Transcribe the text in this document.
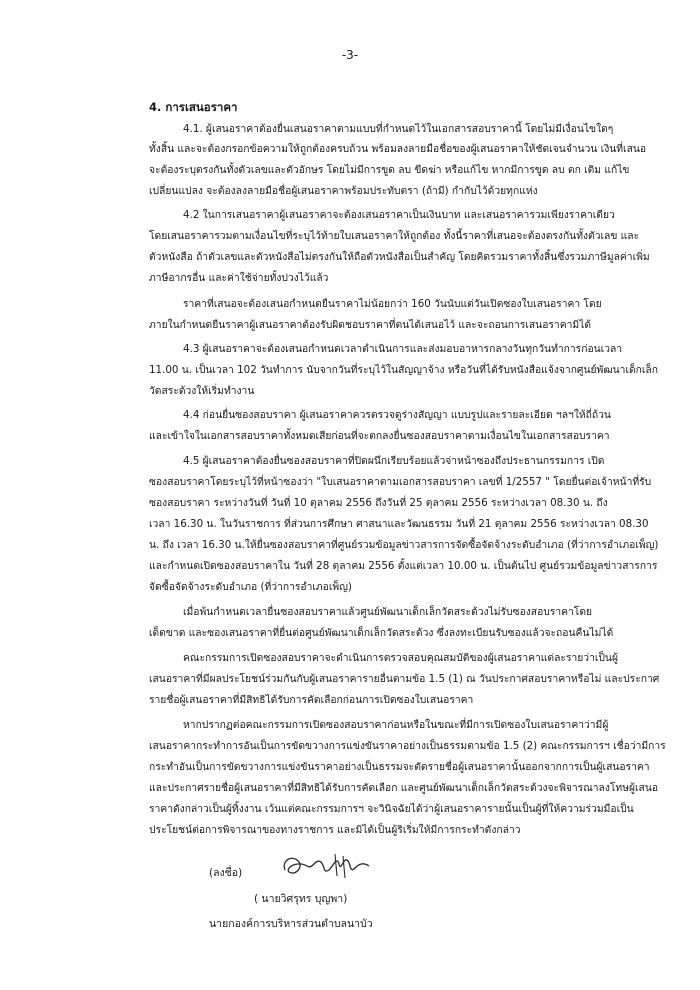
-3-
4. การเสนอราคา
4.1. ผู้เสนอราคาต้องยื่นเสนอราคาตามแบบที่กำหนดไว้ในเอกสารสอบราคานี้ โดยไม่มีเงื่อนไขใดๆ
ทั้งสิ้น และจะต้องกรอกข้อความให้ถูกต้องครบถ้วน พร้อมลงลายมือชื่อของผู้เสนอราคาให้ชัดเจนจำนวน เงินที่เสนอ
จะต้องระบุตรงกันทั้งตัวเลขและตัวอักษร โดยไม่มีการขูด ลบ ขีดฆ่า หรือแก้ไข หากมีการขูด ลบ ตก เติม แก้ไข
เปลี่ยนแปลง จะต้องลงลายมือชื่อผู้เสนอราคาพร้อมประทับตรา (ถ้ามี) กำกับไว้ด้วยทุกแห่ง
4.2 ในการเสนอราคาผู้เสนอราคาจะต้องเสนอราคาเป็นเงินบาท และเสนอราคารวมเพียงราคาเดียว
โดยเสนอราคารวมตามเงื่อนไขที่ระบุไว้ท้ายใบเสนอราคาให้ถูกต้อง ทั้งนี้ราคาที่เสนอจะต้องตรงกันทั้งตัวเลข และ
ตัวหนังสือ ถ้าตัวเลขและตัวหนังสือไม่ตรงกันให้ถือตัวหนังสือเป็นสำคัญ โดยคิดรวมราคาทั้งสิ้นซึ่งรวมภาษีมูลค่าเพิ่ม
ภาษีอากรอื่น และค่าใช้จ่ายทั้งปวงไว้แล้ว
ราคาที่เสนอจะต้องเสนอกำหนดยืนราคาไม่น้อยกว่า 160 วันนับแต่วันเปิดซองใบเสนอราคา โดย
ภายในกำหนดยืนราคาผู้เสนอราคาต้องรับผิดชอบราคาที่ตนได้เสนอไว้ และจะถอนการเสนอราคามิได้
4.3 ผู้เสนอราคาจะต้องเสนอกำหนดเวลาดำเนินการและส่งมอบอาหารกลางวันทุกวันทำการก่อนเวลา
11.00 น. เป็นเวลา 102 วันทำการ นับจากวันที่ระบุไว้ในสัญญาจ้าง หรือวันที่ได้รับหนังสือแจ้งจากศูนย์พัฒนาเด็กเล็ก
วัดสระด้วงให้เริ่มทำงาน
4.4 ก่อนยื่นซองสอบราคา ผู้เสนอราคาควรตรวจดูร่างสัญญา แบบรูปและรายละเอียด ฯลฯให้ถี่ถ้วน
และเข้าใจในเอกสารสอบราคาทั้งหมดเสียก่อนที่จะตกลงยื่นซองสอบราคาตามเงื่อนไขในเอกสารสอบราคา
4.5 ผู้เสนอราคาต้องยื่นซองสอบราคาที่ปิดผนึกเรียบร้อยแล้วจ่าหน้าซองถึงประธานกรรมการ เปิด
ซองสอบราคาโดยระบุไว้ที่หน้าซองว่า "ใบเสนอราคาตามเอกสารสอบราคา เลขที่ 1/2557 " โดยยื่นต่อเจ้าหน้าที่รับ
ซองสอบราคา ระหว่างวันที่ วันที่ 10 ตุลาคม 2556 ถึงวันที่ 25 ตุลาคม 2556 ระหว่างเวลา 08.30 น. ถึง
เวลา 16.30 น. ในวันราชการ ที่ส่วนการศึกษา ศาสนาและวัฒนธรรม วันที่ 21 ตุลาคม 2556 ระหว่างเวลา 08.30
น. ถึง เวลา 16.30 น.ให้ยื่นซองสอบราคาที่ศูนย์รวมข้อมูลข่าวสารการจัดซื้อจัดจ้างระดับอำเภอ (ที่ว่าการอำเภอเพ็ญ)
และกำหนดเปิดซองสอบราคาใน วันที่ 28 ตุลาคม 2556 ตั้งแต่เวลา 10.00 น. เป็นต้นไป ศูนย์รวมข้อมูลข่าวสารการ
จัดซื้อจัดจ้างระดับอำเภอ (ที่ว่าการอำเภอเพ็ญ)
เมื่อพ้นกำหนดเวลายื่นซองสอบราคาแล้วศูนย์พัฒนาเด็กเล็กวัดสระด้วงไม่รับซองสอบราคาโดย
เด็ดขาด และซองเสนอราคาที่ยื่นต่อศูนย์พัฒนาเด็กเล็กวัดสระด้วง ซึ่งลงทะเบียนรับซองแล้วจะถอนคืนไม่ได้
คณะกรรมการเปิดซองสอบราคาจะดำเนินการตรวจสอบคุณสมบัติของผู้เสนอราคาแต่ละรายว่าเป็นผู้
เสนอราคาที่มีผลประโยชน์ร่วมกันกับผู้เสนอราคารายอื่นตามข้อ 1.5 (1) ณ วันประกาศสอบราคาหรือไม่ และประกาศ
รายชื่อผู้เสนอราคาที่มีสิทธิได้รับการคัดเลือกก่อนการเปิดซองใบเสนอราคา
หากปรากฏต่อคณะกรรมการเปิดซองสอบราคาก่อนหรือในขณะที่มีการเปิดซองใบเสนอราคาว่ามีผู้
เสนอราคากระทำการอันเป็นการขัดขวางการแข่งขันราคาอย่างเป็นธรรมตามข้อ 1.5 (2) คณะกรรมการฯ เชื่อว่ามีการ
กระทำอันเป็นการขัดขวางการแข่งขันราคาอย่างเป็นธรรมจะตัดรายชื่อผู้เสนอราคานั้นออกจากการเป็นผู้เสนอราคา
และประกาศรายชื่อผู้เสนอราคาที่มีสิทธิได้รับการคัดเลือก และศูนย์พัฒนาเด็กเล็กวัดสระด้วงจะพิจารณาลงโทษผู้เสนอ
ราคาดังกล่าวเป็นผู้ทิ้งงาน เว้นแต่คณะกรรมการฯ จะวินิจฉัยได้ว่าผู้เสนอราคารายนั้นเป็นผู้ที่ให้ความร่วมมือเป็น
ประโยชน์ต่อการพิจารณาของทางราชการ และมิได้เป็นผู้ริเริ่มให้มีการกระทำดังกล่าว
(ลงชื่อ)
( นายวิศรุทร บุญพา)
นายกองค์การบริหารส่วนตำบลนาบัว
